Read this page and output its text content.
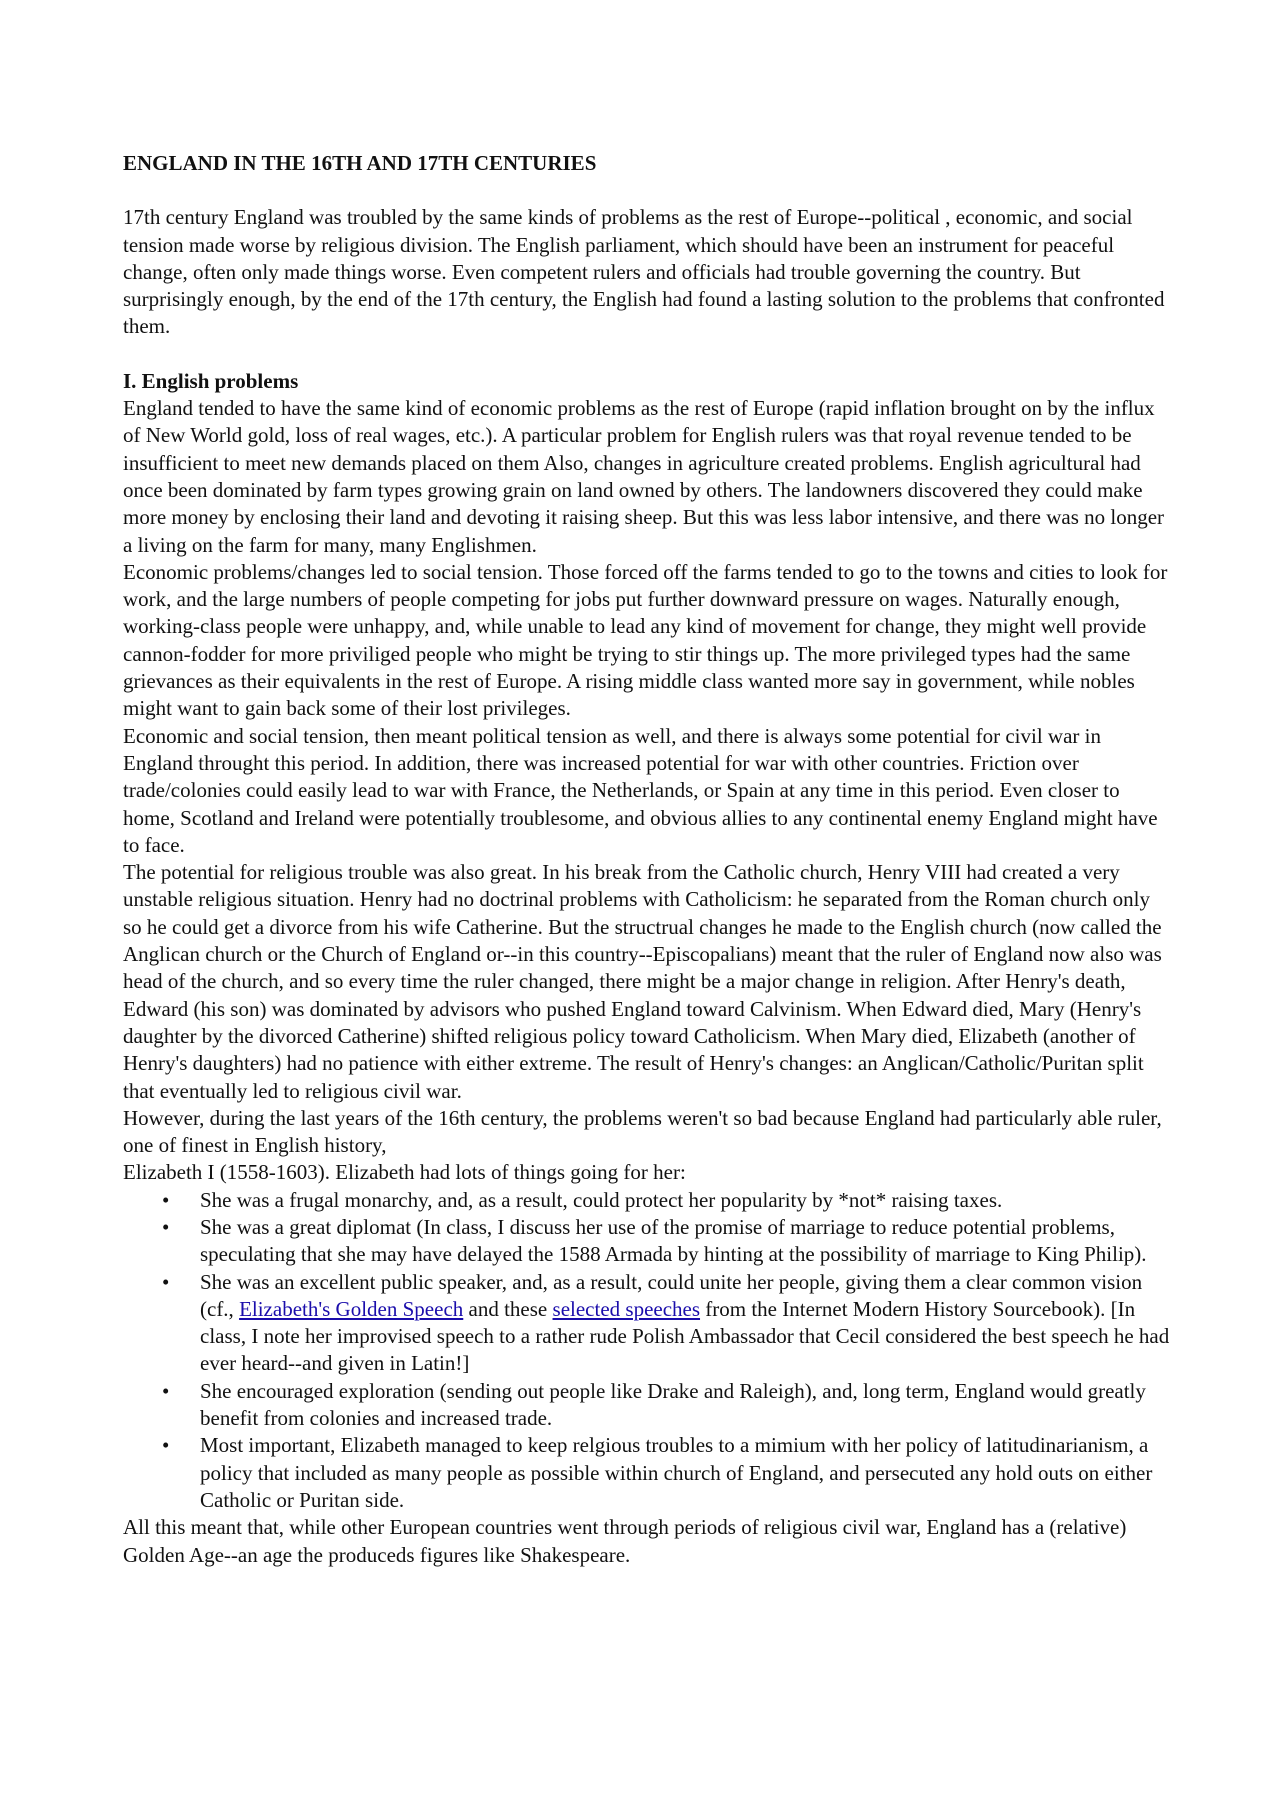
ENGLAND IN THE 16TH AND 17TH CENTURIES

17th century England was troubled by the same kinds of problems as the rest of Europe--political , economic, and social tension made worse by religious division. The English parliament, which should have been an instrument for peaceful change, often only made things worse. Even competent rulers and officials had trouble governing the country. But surprisingly enough, by the end of the 17th century, the English had found a lasting solution to the problems that confronted them.

I. English problems

England tended to have the same kind of economic problems as the rest of Europe (rapid inflation brought on by the influx of New World gold, loss of real wages, etc.). A particular problem for English rulers was that royal revenue tended to be insufficient to meet new demands placed on them Also, changes in agriculture created problems. English agricultural had once been dominated by farm types growing grain on land owned by others. The landowners discovered they could make more money by enclosing their land and devoting it raising sheep. But this was less labor intensive, and there was no longer a living on the farm for many, many Englishmen.

Economic problems/changes led to social tension. Those forced off the farms tended to go to the towns and cities to look for work, and the large numbers of people competing for jobs put further downward pressure on wages. Naturally enough, working-class people were unhappy, and, while unable to lead any kind of movement for change, they might well provide cannon-fodder for more priviliged people who might be trying to stir things up. The more privileged types had the same grievances as their equivalents in the rest of Europe. A rising middle class wanted more say in government, while nobles might want to gain back some of their lost privileges.

Economic and social tension, then meant political tension as well, and there is always some potential for civil war in England throught this period. In addition, there was increased potential for war with other countries. Friction over trade/colonies could easily lead to war with France, the Netherlands, or Spain at any time in this period. Even closer to home, Scotland and Ireland were potentially troublesome, and obvious allies to any continental enemy England might have to face.

The potential for religious trouble was also great. In his break from the Catholic church, Henry VIII had created a very unstable religious situation. Henry had no doctrinal problems with Catholicism: he separated from the Roman church only so he could get a divorce from his wife Catherine. But the structrual changes he made to the English church (now called the Anglican church or the Church of England or--in this country--Episcopalians) meant that the ruler of England now also was head of the church, and so every time the ruler changed, there might be a major change in religion. After Henry's death, Edward (his son) was dominated by advisors who pushed England toward Calvinism. When Edward died, Mary (Henry's daughter by the divorced Catherine) shifted religious policy toward Catholicism. When Mary died, Elizabeth (another of Henry's daughters) had no patience with either extreme. The result of Henry's changes: an Anglican/Catholic/Puritan split that eventually led to religious civil war.

However, during the last years of the 16th century, the problems weren't so bad because England had particularly able ruler, one of finest in English history,

Elizabeth I (1558-1603). Elizabeth had lots of things going for her:

• She was a frugal monarchy, and, as a result, could protect her popularity by *not* raising taxes.
• She was a great diplomat (In class, I discuss her use of the promise of marriage to reduce potential problems, speculating that she may have delayed the 1588 Armada by hinting at the possibility of marriage to King Philip).
• She was an excellent public speaker, and, as a result, could unite her people, giving them a clear common vision (cf., Elizabeth's Golden Speech and these selected speeches from the Internet Modern History Sourcebook). [In class, I note her improvised speech to a rather rude Polish Ambassador that Cecil considered the best speech he had ever heard--and given in Latin!]
• She encouraged exploration (sending out people like Drake and Raleigh), and, long term, England would greatly benefit from colonies and increased trade.
• Most important, Elizabeth managed to keep relgious troubles to a mimium with her policy of latitudinarianism, a policy that included as many people as possible within church of England, and persecuted any hold outs on either Catholic or Puritan side.

All this meant that, while other European countries went through periods of religious civil war, England has a (relative) Golden Age--an age the produceds figures like Shakespeare.
